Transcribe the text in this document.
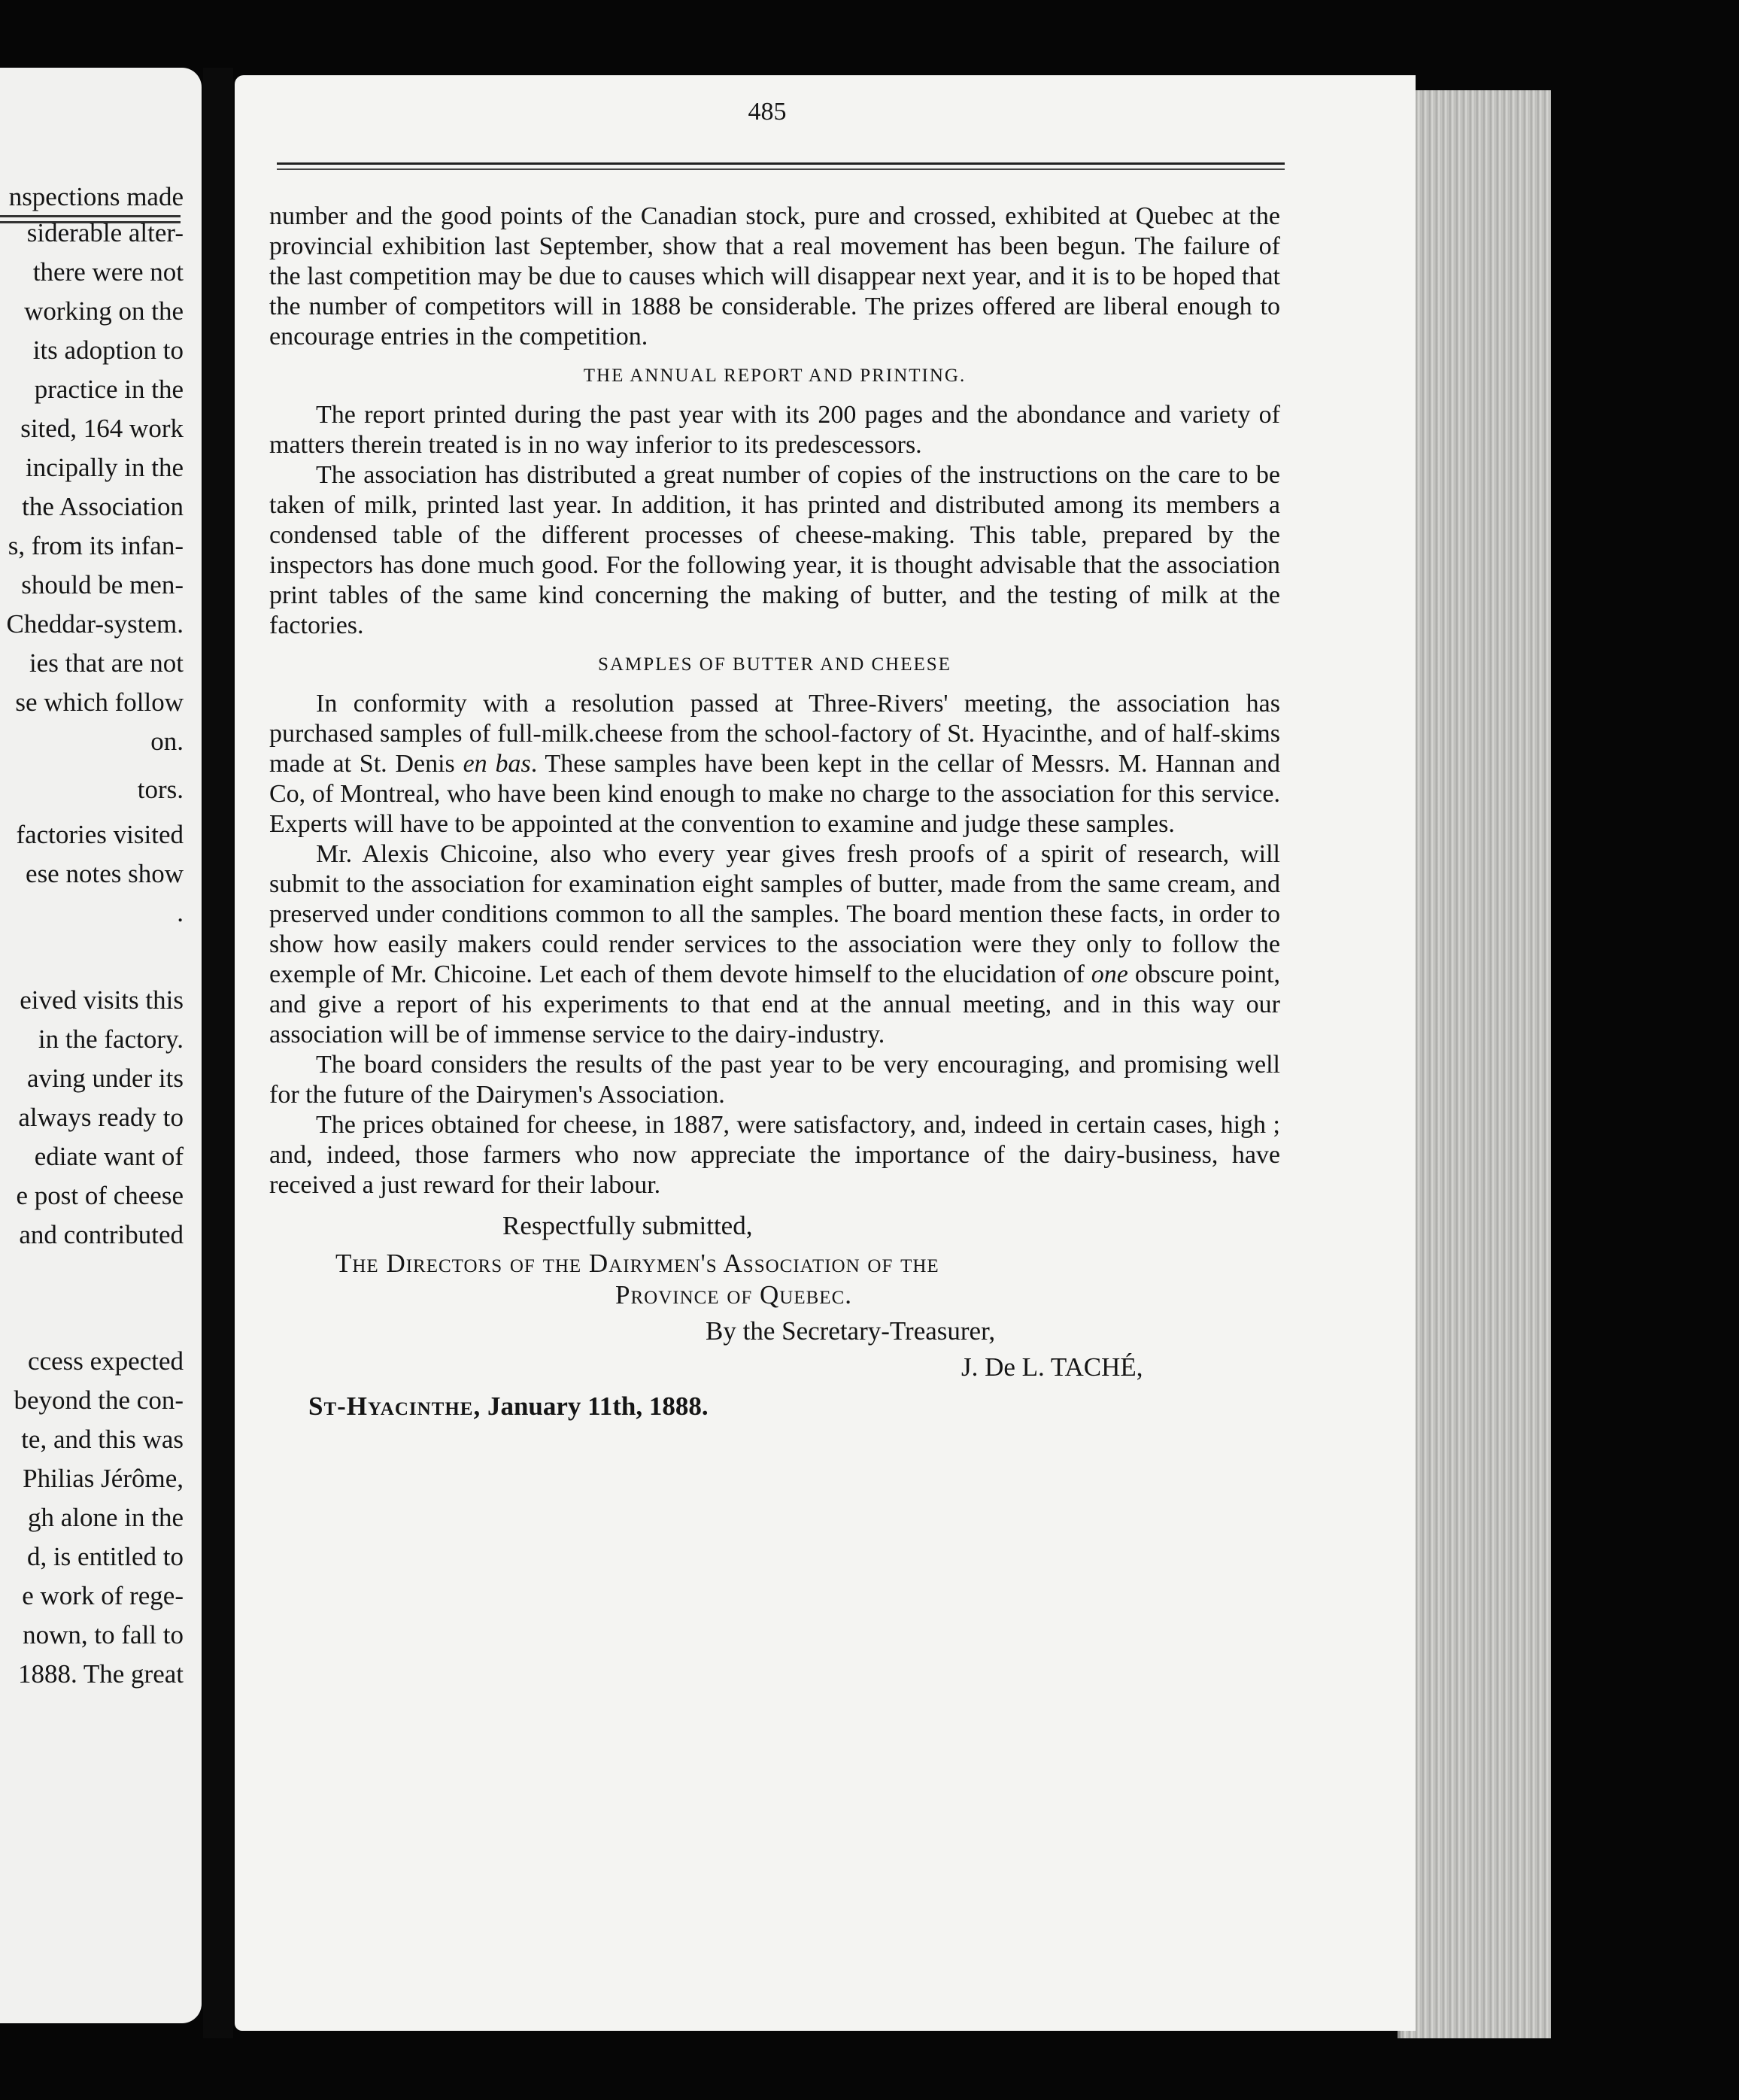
nspections made
siderable alter-
there were not
working on the
its adoption to
practice in the
sited, 164 work
incipally in the
the Association
s, from its infan-
should be men-
Cheddar-system.
ies that are not
se which follow
on.
tors.
factories visited
ese notes show
.
eived visits this
in the factory.
aving under its
always ready to
ediate want of
e post of cheese
and contributed
ccess expected
beyond the con-
te, and this was
Philias Jérôme,
gh alone in the
d, is entitled to
e work of rege-
nown, to fall to
1888. The great
485

number and the good points of the Canadian stock, pure and crossed, exhibited at Quebec at the provincial exhibition last September, show that a real movement has been begun. The failure of the last competition may be due to causes which will disappear next year, and it is to be hoped that the number of competitors will in 1888 be considerable. The prizes offered are liberal enough to encourage entries in the competition.

THE ANNUAL REPORT AND PRINTING.

The report printed during the past year with its 200 pages and the abondance and variety of matters therein treated is in no way inferior to its predescessors.

The association has distributed a great number of copies of the instructions on the care to be taken of milk, printed last year. In addition, it has printed and distributed among its members a condensed table of the different processes of cheese-making. This table, prepared by the inspectors has done much good. For the following year, it is thought advisable that the association print tables of the same kind concerning the making of butter, and the testing of milk at the factories.

SAMPLES OF BUTTER AND CHEESE

In conformity with a resolution passed at Three-Rivers' meeting, the association has purchased samples of full-milk.cheese from the school-factory of St. Hyacinthe, and of half-skims made at St. Denis en bas. These samples have been kept in the cellar of Messrs. M. Hannan and Co, of Montreal, who have been kind enough to make no charge to the association for this service. Experts will have to be appointed at the convention to examine and judge these samples.

Mr. Alexis Chicoine, also who every year gives fresh proofs of a spirit of research, will submit to the association for examination eight samples of butter, made from the same cream, and preserved under conditions common to all the samples. The board mention these facts, in order to show how easily makers could render services to the association were they only to follow the exemple of Mr. Chicoine. Let each of them devote himself to the elucidation of one obscure point, and give a report of his experiments to that end at the annual meeting, and in this way our association will be of immense service to the dairy-industry.

The board considers the results of the past year to be very encouraging, and promising well for the future of the Dairymen's Association.

The prices obtained for cheese, in 1887, were satisfactory, and, indeed in certain cases, high ; and, indeed, those farmers who now appreciate the importance of the dairy-business, have received a just reward for their labour.

Respectfully submitted,
The Directors of the Dairymen's Association of the
Province of Quebec.
By the Secretary-Treasurer,
J. De L. TACHÉ,
St-Hyacinthe, January 11th, 1888.
